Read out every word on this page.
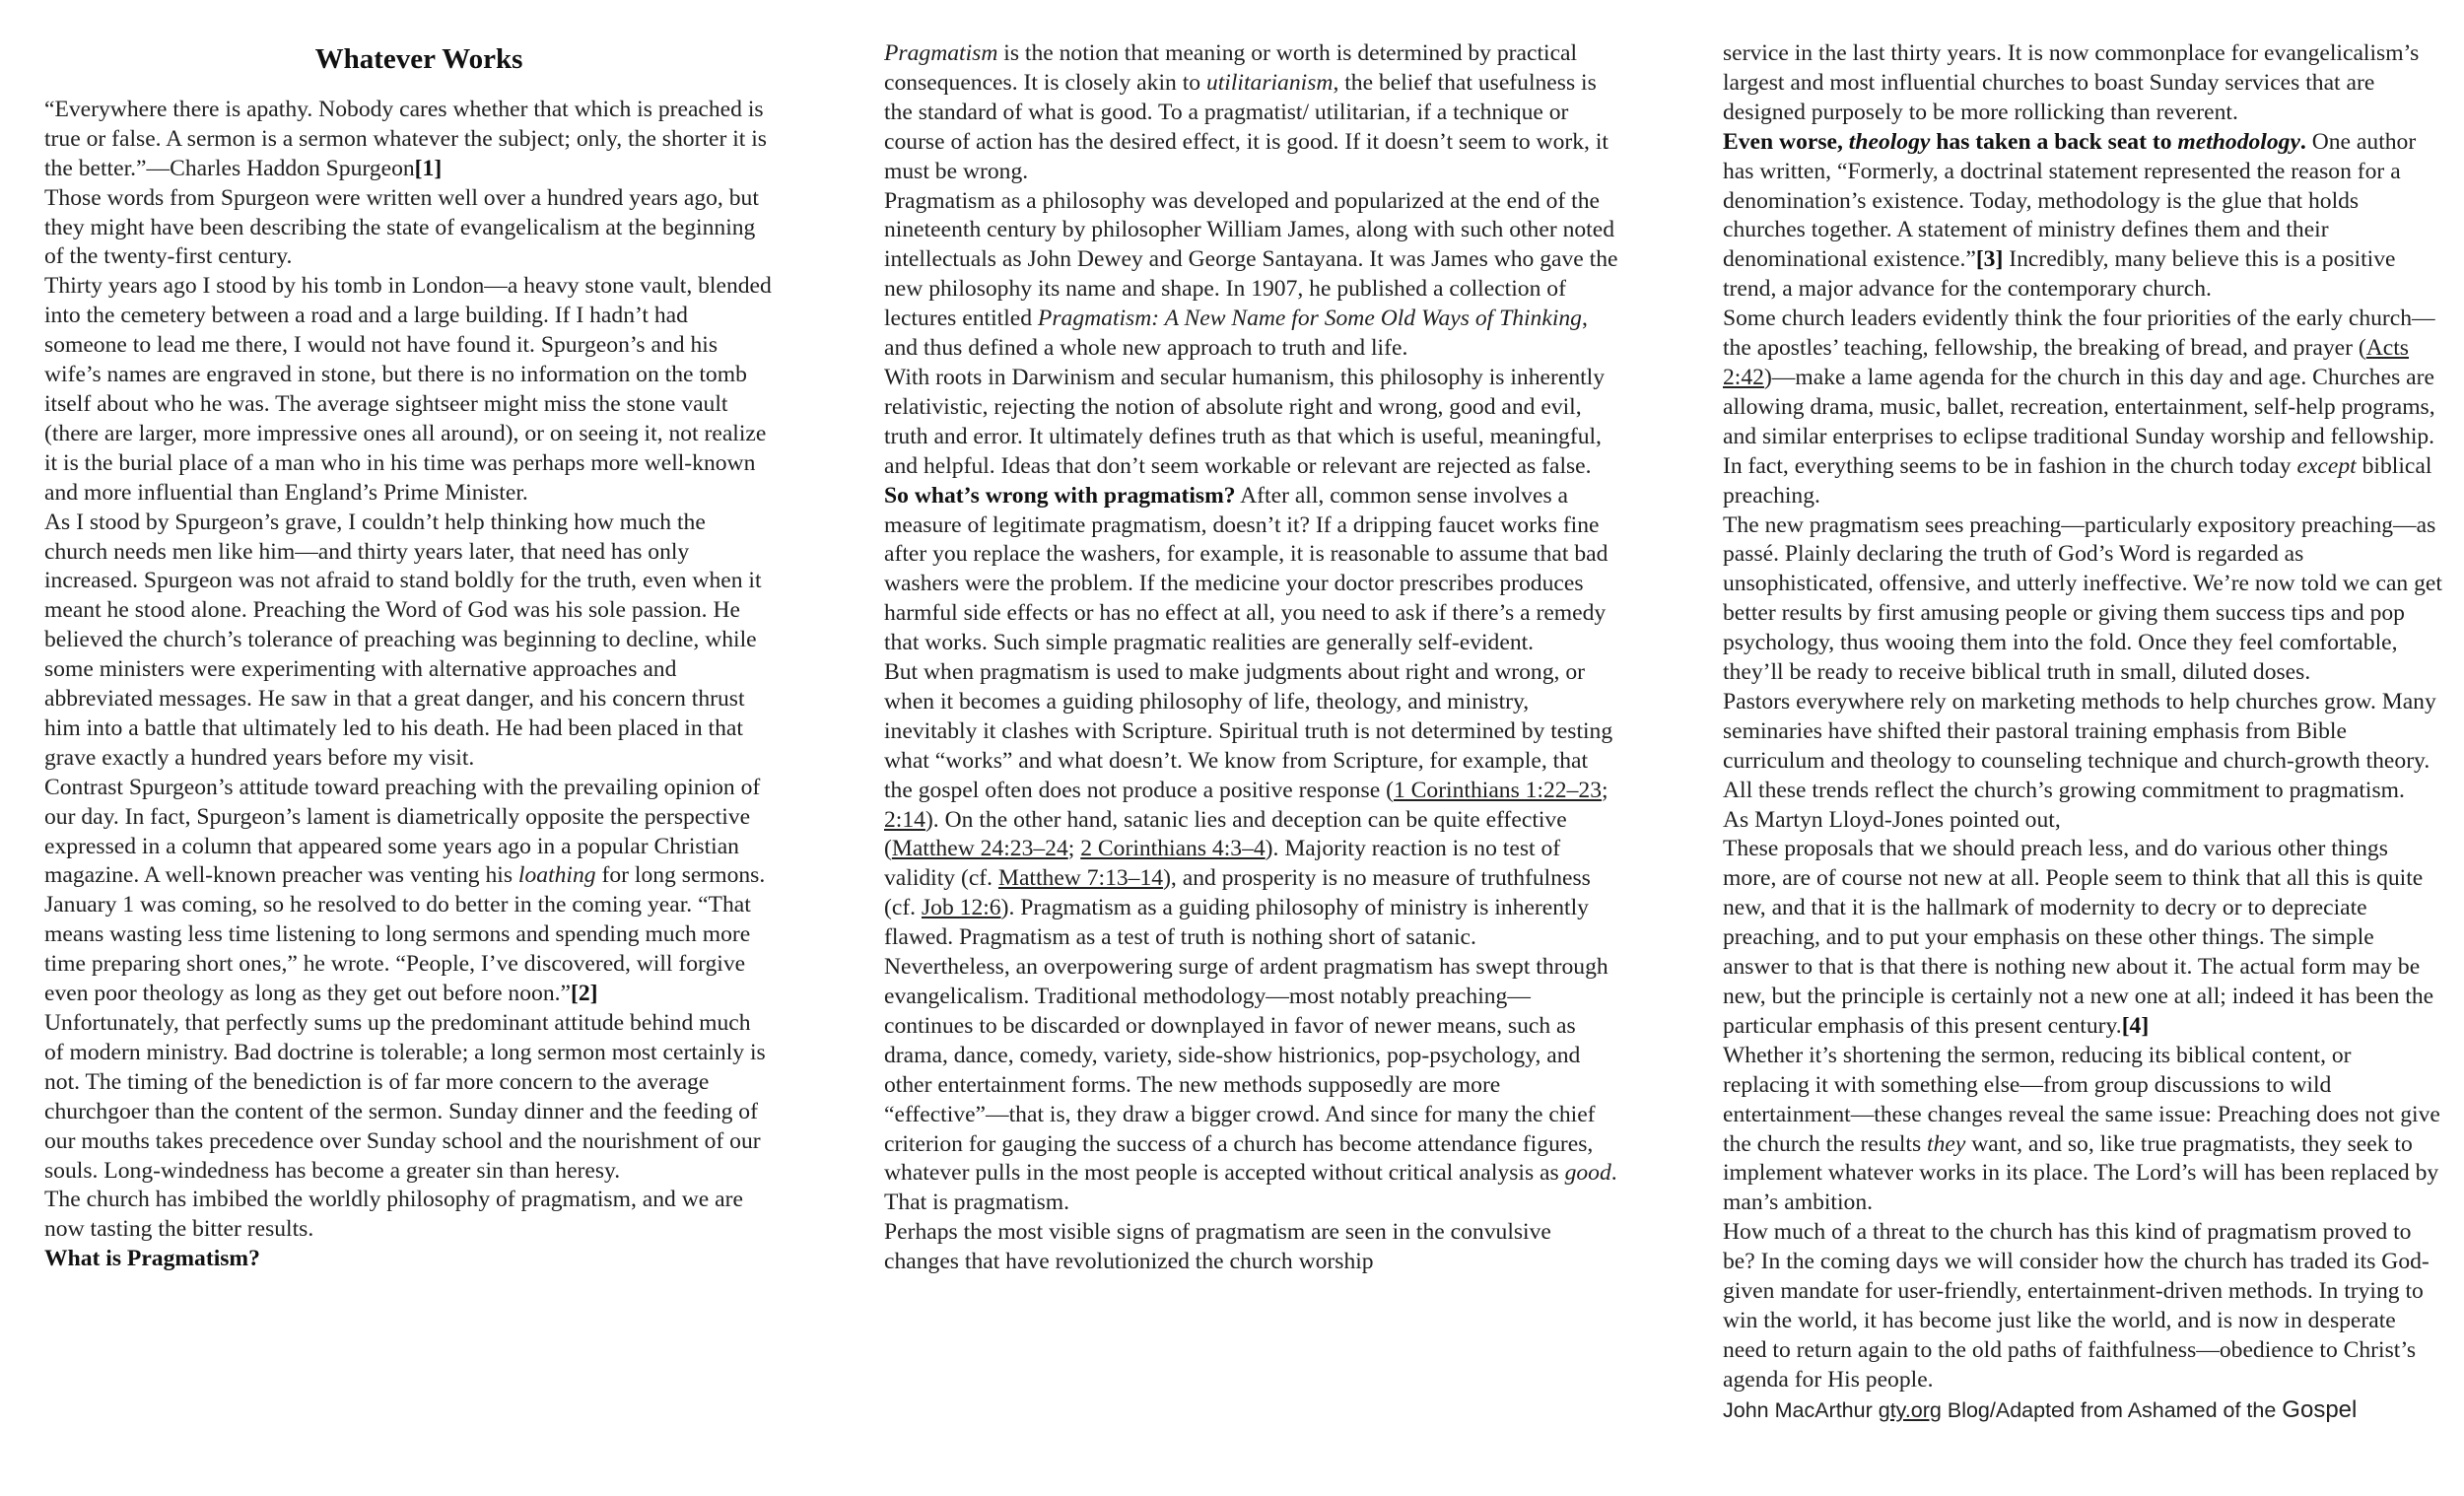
Whatever Works

“Everywhere there is apathy. Nobody cares whether that which is preached is true or false. A sermon is a sermon whatever the subject; only, the shorter it is the better.”—Charles Haddon Spurgeon[1]

Those words from Spurgeon were written well over a hundred years ago, but they might have been describing the state of evangelicalism at the beginning of the twenty-first century.

Thirty years ago I stood by his tomb in London—a heavy stone vault, blended into the cemetery between a road and a large building. If I hadn’t had someone to lead me there, I would not have found it. Spurgeon’s and his wife’s names are engraved in stone, but there is no information on the tomb itself about who he was. The average sightseer might miss the stone vault (there are larger, more impressive ones all around), or on seeing it, not realize it is the burial place of a man who in his time was perhaps more well-known and more influential than England’s Prime Minister.

As I stood by Spurgeon’s grave, I couldn’t help thinking how much the church needs men like him—and thirty years later, that need has only increased. Spurgeon was not afraid to stand boldly for the truth, even when it meant he stood alone. Preaching the Word of God was his sole passion. He believed the church’s tolerance of preaching was beginning to decline, while some ministers were experimenting with alternative approaches and abbreviated messages. He saw in that a great danger, and his concern thrust him into a battle that ultimately led to his death. He had been placed in that grave exactly a hundred years before my visit.

Contrast Spurgeon’s attitude toward preaching with the prevailing opinion of our day. In fact, Spurgeon’s lament is diametrically opposite the perspective expressed in a column that appeared some years ago in a popular Christian magazine. A well-known preacher was venting his loathing for long sermons. January 1 was coming, so he resolved to do better in the coming year. “That means wasting less time listening to long sermons and spending much more time preparing short ones,” he wrote. “People, I’ve discovered, will forgive even poor theology as long as they get out before noon.”[2]

Unfortunately, that perfectly sums up the predominant attitude behind much of modern ministry. Bad doctrine is tolerable; a long sermon most certainly is not. The timing of the benediction is of far more concern to the average churchgoer than the content of the sermon. Sunday dinner and the feeding of our mouths takes precedence over Sunday school and the nourishment of our souls. Long-windedness has become a greater sin than heresy.

The church has imbibed the worldly philosophy of pragmatism, and we are now tasting the bitter results.

What is Pragmatism?

Pragmatism is the notion that meaning or worth is determined by practical consequences. It is closely akin to utilitarianism, the belief that usefulness is the standard of what is good. To a pragmatist/ utilitarian, if a technique or course of action has the desired effect, it is good. If it doesn’t seem to work, it must be wrong.

Pragmatism as a philosophy was developed and popularized at the end of the nineteenth century by philosopher William James, along with such other noted intellectuals as John Dewey and George Santayana. It was James who gave the new philosophy its name and shape. In 1907, he published a collection of lectures entitled Pragmatism: A New Name for Some Old Ways of Thinking, and thus defined a whole new approach to truth and life.

With roots in Darwinism and secular humanism, this philosophy is inherently relativistic, rejecting the notion of absolute right and wrong, good and evil, truth and error. It ultimately defines truth as that which is useful, meaningful, and helpful. Ideas that don’t seem workable or relevant are rejected as false.

So what’s wrong with pragmatism? After all, common sense involves a measure of legitimate pragmatism, doesn’t it? If a dripping faucet works fine after you replace the washers, for example, it is reasonable to assume that bad washers were the problem. If the medicine your doctor prescribes produces harmful side effects or has no effect at all, you need to ask if there’s a remedy that works. Such simple pragmatic realities are generally self-evident.

But when pragmatism is used to make judgments about right and wrong, or when it becomes a guiding philosophy of life, theology, and ministry, inevitably it clashes with Scripture. Spiritual truth is not determined by testing what “works” and what doesn’t. We know from Scripture, for example, that the gospel often does not produce a positive response (1 Corinthians 1:22–23; 2:14). On the other hand, satanic lies and deception can be quite effective (Matthew 24:23–24; 2 Corinthians 4:3–4). Majority reaction is no test of validity (cf. Matthew 7:13–14), and prosperity is no measure of truthfulness (cf. Job 12:6). Pragmatism as a guiding philosophy of ministry is inherently flawed. Pragmatism as a test of truth is nothing short of satanic.

Nevertheless, an overpowering surge of ardent pragmatism has swept through evangelicalism. Traditional methodology—most notably preaching—continues to be discarded or downplayed in favor of newer means, such as drama, dance, comedy, variety, side-show histrionics, pop-psychology, and other entertainment forms. The new methods supposedly are more “effective”—that is, they draw a bigger crowd. And since for many the chief criterion for gauging the success of a church has become attendance figures, whatever pulls in the most people is accepted without critical analysis as good. That is pragmatism.

Perhaps the most visible signs of pragmatism are seen in the convulsive changes that have revolutionized the church worship

service in the last thirty years. It is now commonplace for evangelicalism’s largest and most influential churches to boast Sunday services that are designed purposely to be more rollicking than reverent.

Even worse, theology has taken a back seat to methodology. One author has written, “Formerly, a doctrinal statement represented the reason for a denomination’s existence. Today, methodology is the glue that holds churches together. A statement of ministry defines them and their denominational existence.”[3] Incredibly, many believe this is a positive trend, a major advance for the contemporary church.

Some church leaders evidently think the four priorities of the early church—the apostles’ teaching, fellowship, the breaking of bread, and prayer (Acts 2:42)—make a lame agenda for the church in this day and age. Churches are allowing drama, music, ballet, recreation, entertainment, self-help programs, and similar enterprises to eclipse traditional Sunday worship and fellowship. In fact, everything seems to be in fashion in the church today except biblical preaching.

The new pragmatism sees preaching—particularly expository preaching—as passé. Plainly declaring the truth of God’s Word is regarded as unsophisticated, offensive, and utterly ineffective. We’re now told we can get better results by first amusing people or giving them success tips and pop psychology, thus wooing them into the fold. Once they feel comfortable, they’ll be ready to receive biblical truth in small, diluted doses.

Pastors everywhere rely on marketing methods to help churches grow. Many seminaries have shifted their pastoral training emphasis from Bible curriculum and theology to counseling technique and church-growth theory. All these trends reflect the church’s growing commitment to pragmatism.

As Martyn Lloyd-Jones pointed out,

These proposals that we should preach less, and do various other things more, are of course not new at all. People seem to think that all this is quite new, and that it is the hallmark of modernity to decry or to depreciate preaching, and to put your emphasis on these other things. The simple answer to that is that there is nothing new about it. The actual form may be new, but the principle is certainly not a new one at all; indeed it has been the particular emphasis of this present century.[4]

Whether it’s shortening the sermon, reducing its biblical content, or replacing it with something else—from group discussions to wild entertainment—these changes reveal the same issue: Preaching does not give the church the results they want, and so, like true pragmatists, they seek to implement whatever works in its place. The Lord’s will has been replaced by man’s ambition.

How much of a threat to the church has this kind of pragmatism proved to be? In the coming days we will consider how the church has traded its God-given mandate for user-friendly, entertainment-driven methods. In trying to win the world, it has become just like the world, and is now in desperate need to return again to the old paths of faithfulness—obedience to Christ’s agenda for His people.

John MacArthur gty.org Blog/Adapted from Ashamed of the Gospel
